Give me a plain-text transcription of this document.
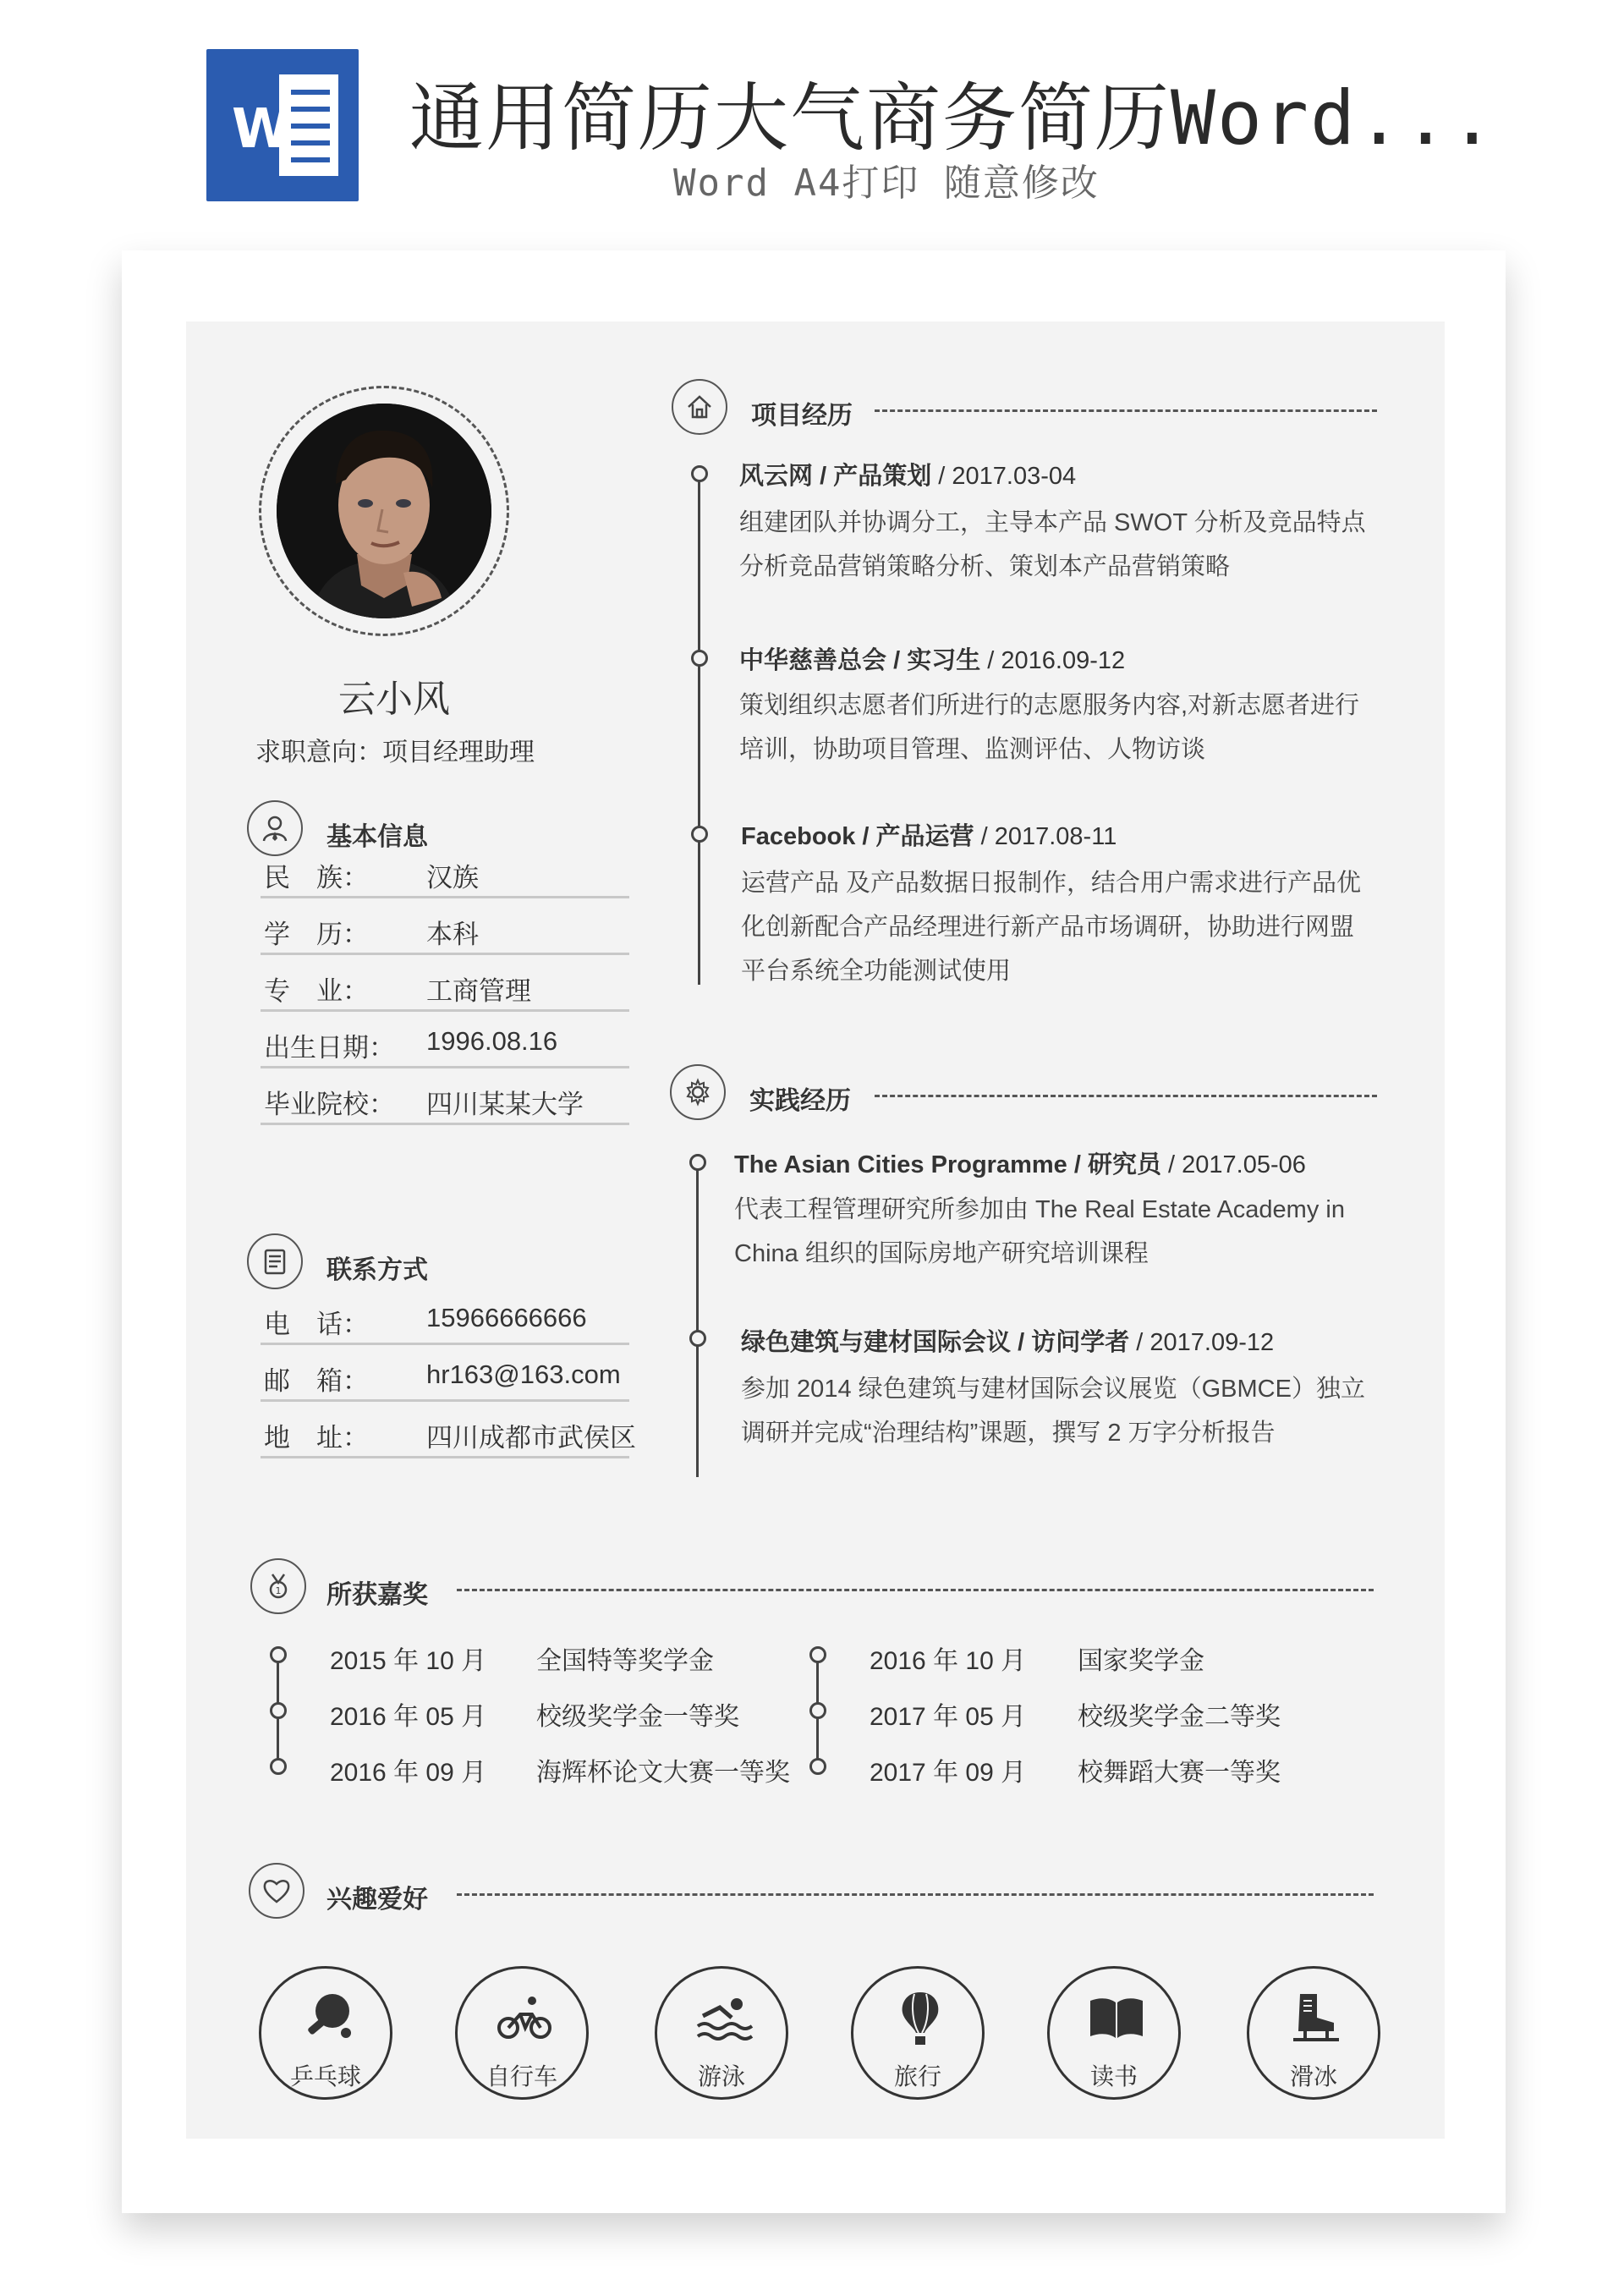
W 通用简历大气商务简历Word...
Word A4打印 随意修改
云小风
求职意向：项目经理助理
基本信息
民　族： 汉族
学　历： 本科
专　业： 工商管理
出生日期： 1996.08.16
毕业院校： 四川某某大学
联系方式
电　话： 15966666666
邮　箱： hr163@163.com
地　址： 四川成都市武侯区
项目经历
风云网 / 产品策划 / 2017.03-04
组建团队并协调分工，主导本产品 SWOT 分析及竞品特点
分析竞品营销策略分析、策划本产品营销策略
中华慈善总会 / 实习生 / 2016.09-12
策划组织志愿者们所进行的志愿服务内容,对新志愿者进行
培训，协助项目管理、监测评估、人物访谈
Facebook / 产品运营 / 2017.08-11
运营产品 及产品数据日报制作，结合用户需求进行产品优
化创新配合产品经理进行新产品市场调研，协助进行网盟
平台系统全功能测试使用
实践经历
The Asian Cities Programme / 研究员 / 2017.05-06
代表工程管理研究所参加由 The Real Estate Academy in
China 组织的国际房地产研究培训课程
绿色建筑与建材国际会议 / 访问学者 / 2017.09-12
参加 2014 绿色建筑与建材国际会议展览（GBMCE）独立
调研并完成“治理结构”课题，撰写 2 万字分析报告
1 所获嘉奖
2015 年 10 月 全国特等奖学金
2016 年 05 月 校级奖学金一等奖
2016 年 09 月 海辉杯论文大赛一等奖
2016 年 10 月 国家奖学金
2017 年 05 月 校级奖学金二等奖
2017 年 09 月 校舞蹈大赛一等奖
兴趣爱好
乒乓球	自行车	游泳	旅行	读书	滑冰
